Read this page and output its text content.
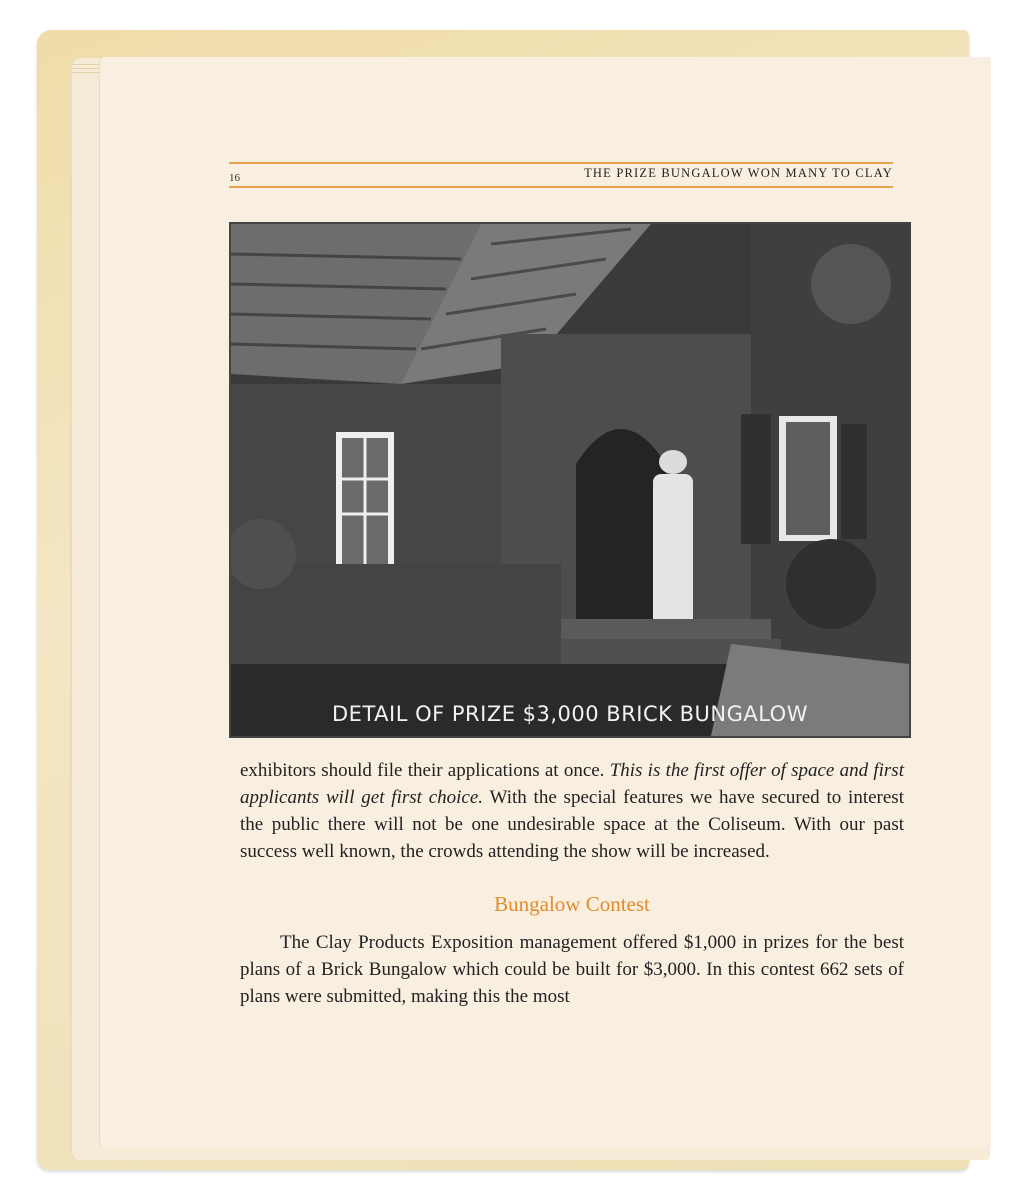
16	THE PRIZE BUNGALOW WON MANY TO CLAY
DETAIL OF PRIZE $3,000 BRICK BUNGALOW

exhibitors should file their applications at once. This is the first offer of space and first applicants will get first choice. With the special features we have secured to interest the public there will not be one undesirable space at the Coliseum. With our past success well known, the crowds attending the show will be increased.

Bungalow Contest

The Clay Products Exposition management offered $1,000 in prizes for the best plans of a Brick Bungalow which could be built for $3,000. In this contest 662 sets of plans were submitted, making this the most
